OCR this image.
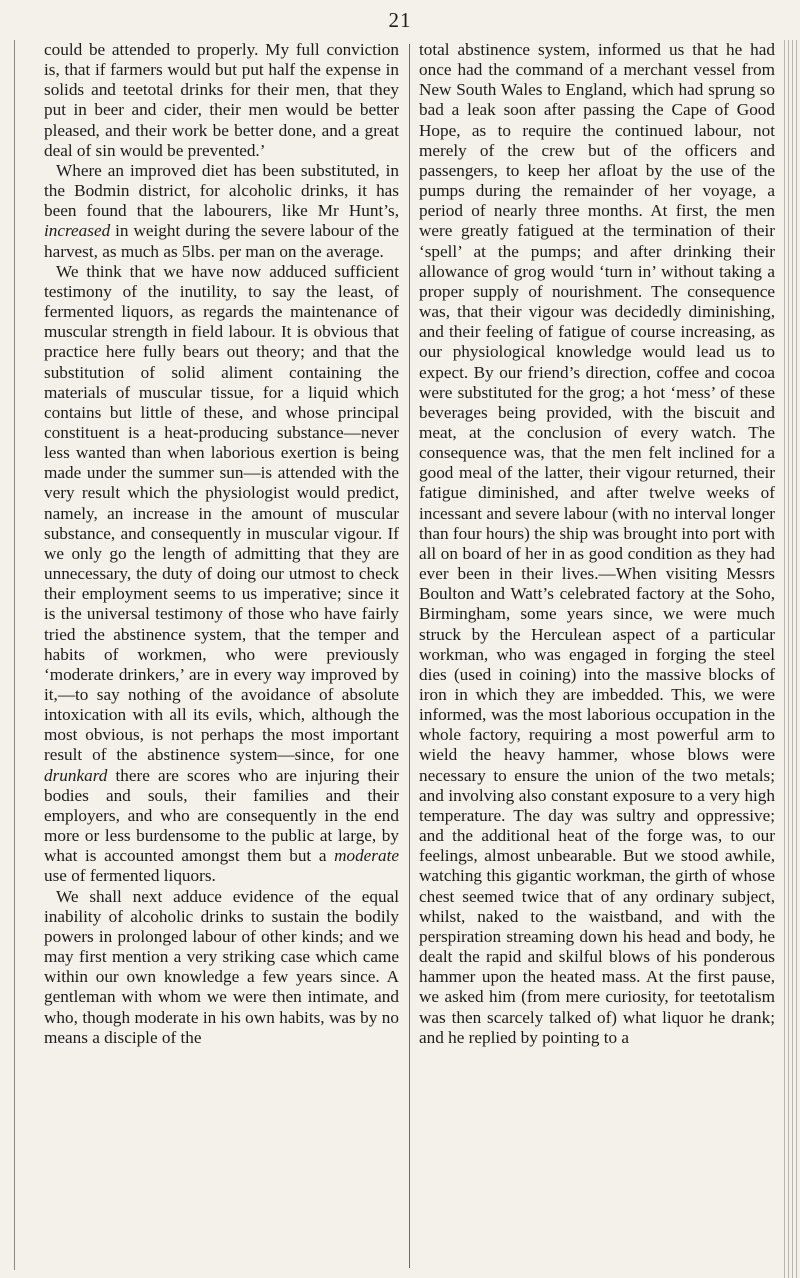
21

could be attended to properly. My full conviction is, that if farmers would but put half the expense in solids and teetotal drinks for their men, that they put in beer and cider, their men would be better pleased, and their work be better done, and a great deal of sin would be prevented.’

Where an improved diet has been substituted, in the Bodmin district, for alcoholic drinks, it has been found that the labourers, like Mr Hunt’s, increased in weight during the severe labour of the harvest, as much as 5lbs. per man on the average.

We think that we have now adduced sufficient testimony of the inutility, to say the least, of fermented liquors, as regards the maintenance of muscular strength in field labour. It is obvious that practice here fully bears out theory; and that the substitution of solid aliment containing the materials of muscular tissue, for a liquid which contains but little of these, and whose principal constituent is a heat-producing substance—never less wanted than when laborious exertion is being made under the summer sun—is attended with the very result which the physiologist would predict, namely, an increase in the amount of muscular substance, and consequently in muscular vigour. If we only go the length of admitting that they are unnecessary, the duty of doing our utmost to check their employment seems to us imperative; since it is the universal testimony of those who have fairly tried the abstinence system, that the temper and habits of workmen, who were previously ‘moderate drinkers,’ are in every way improved by it,—to say nothing of the avoidance of absolute intoxication with all its evils, which, although the most obvious, is not perhaps the most important result of the abstinence system—since, for one drunkard there are scores who are injuring their bodies and souls, their families and their employers, and who are consequently in the end more or less burdensome to the public at large, by what is accounted amongst them but a moderate use of fermented liquors.

We shall next adduce evidence of the equal inability of alcoholic drinks to sustain the bodily powers in prolonged labour of other kinds; and we may first mention a very striking case which came within our own knowledge a few years since. A gentleman with whom we were then intimate, and who, though moderate in his own habits, was by no means a disciple of the

total abstinence system, informed us that he had once had the command of a merchant vessel from New South Wales to England, which had sprung so bad a leak soon after passing the Cape of Good Hope, as to require the continued labour, not merely of the crew but of the officers and passengers, to keep her afloat by the use of the pumps during the remainder of her voyage, a period of nearly three months. At first, the men were greatly fatigued at the termination of their ‘spell’ at the pumps; and after drinking their allowance of grog would ‘turn in’ without taking a proper supply of nourishment. The consequence was, that their vigour was decidedly diminishing, and their feeling of fatigue of course increasing, as our physiological knowledge would lead us to expect. By our friend’s direction, coffee and cocoa were substituted for the grog; a hot ‘mess’ of these beverages being provided, with the biscuit and meat, at the conclusion of every watch. The consequence was, that the men felt inclined for a good meal of the latter, their vigour returned, their fatigue diminished, and after twelve weeks of incessant and severe labour (with no interval longer than four hours) the ship was brought into port with all on board of her in as good condition as they had ever been in their lives.—When visiting Messrs Boulton and Watt’s celebrated factory at the Soho, Birmingham, some years since, we were much struck by the Herculean aspect of a particular workman, who was engaged in forging the steel dies (used in coining) into the massive blocks of iron in which they are imbedded. This, we were informed, was the most laborious occupation in the whole factory, requiring a most powerful arm to wield the heavy hammer, whose blows were necessary to ensure the union of the two metals; and involving also constant exposure to a very high temperature. The day was sultry and oppressive; and the additional heat of the forge was, to our feelings, almost unbearable. But we stood awhile, watching this gigantic workman, the girth of whose chest seemed twice that of any ordinary subject, whilst, naked to the waistband, and with the perspiration streaming down his head and body, he dealt the rapid and skilful blows of his ponderous hammer upon the heated mass. At the first pause, we asked him (from mere curiosity, for teetotalism was then scarcely talked of) what liquor he drank; and he replied by pointing to a
